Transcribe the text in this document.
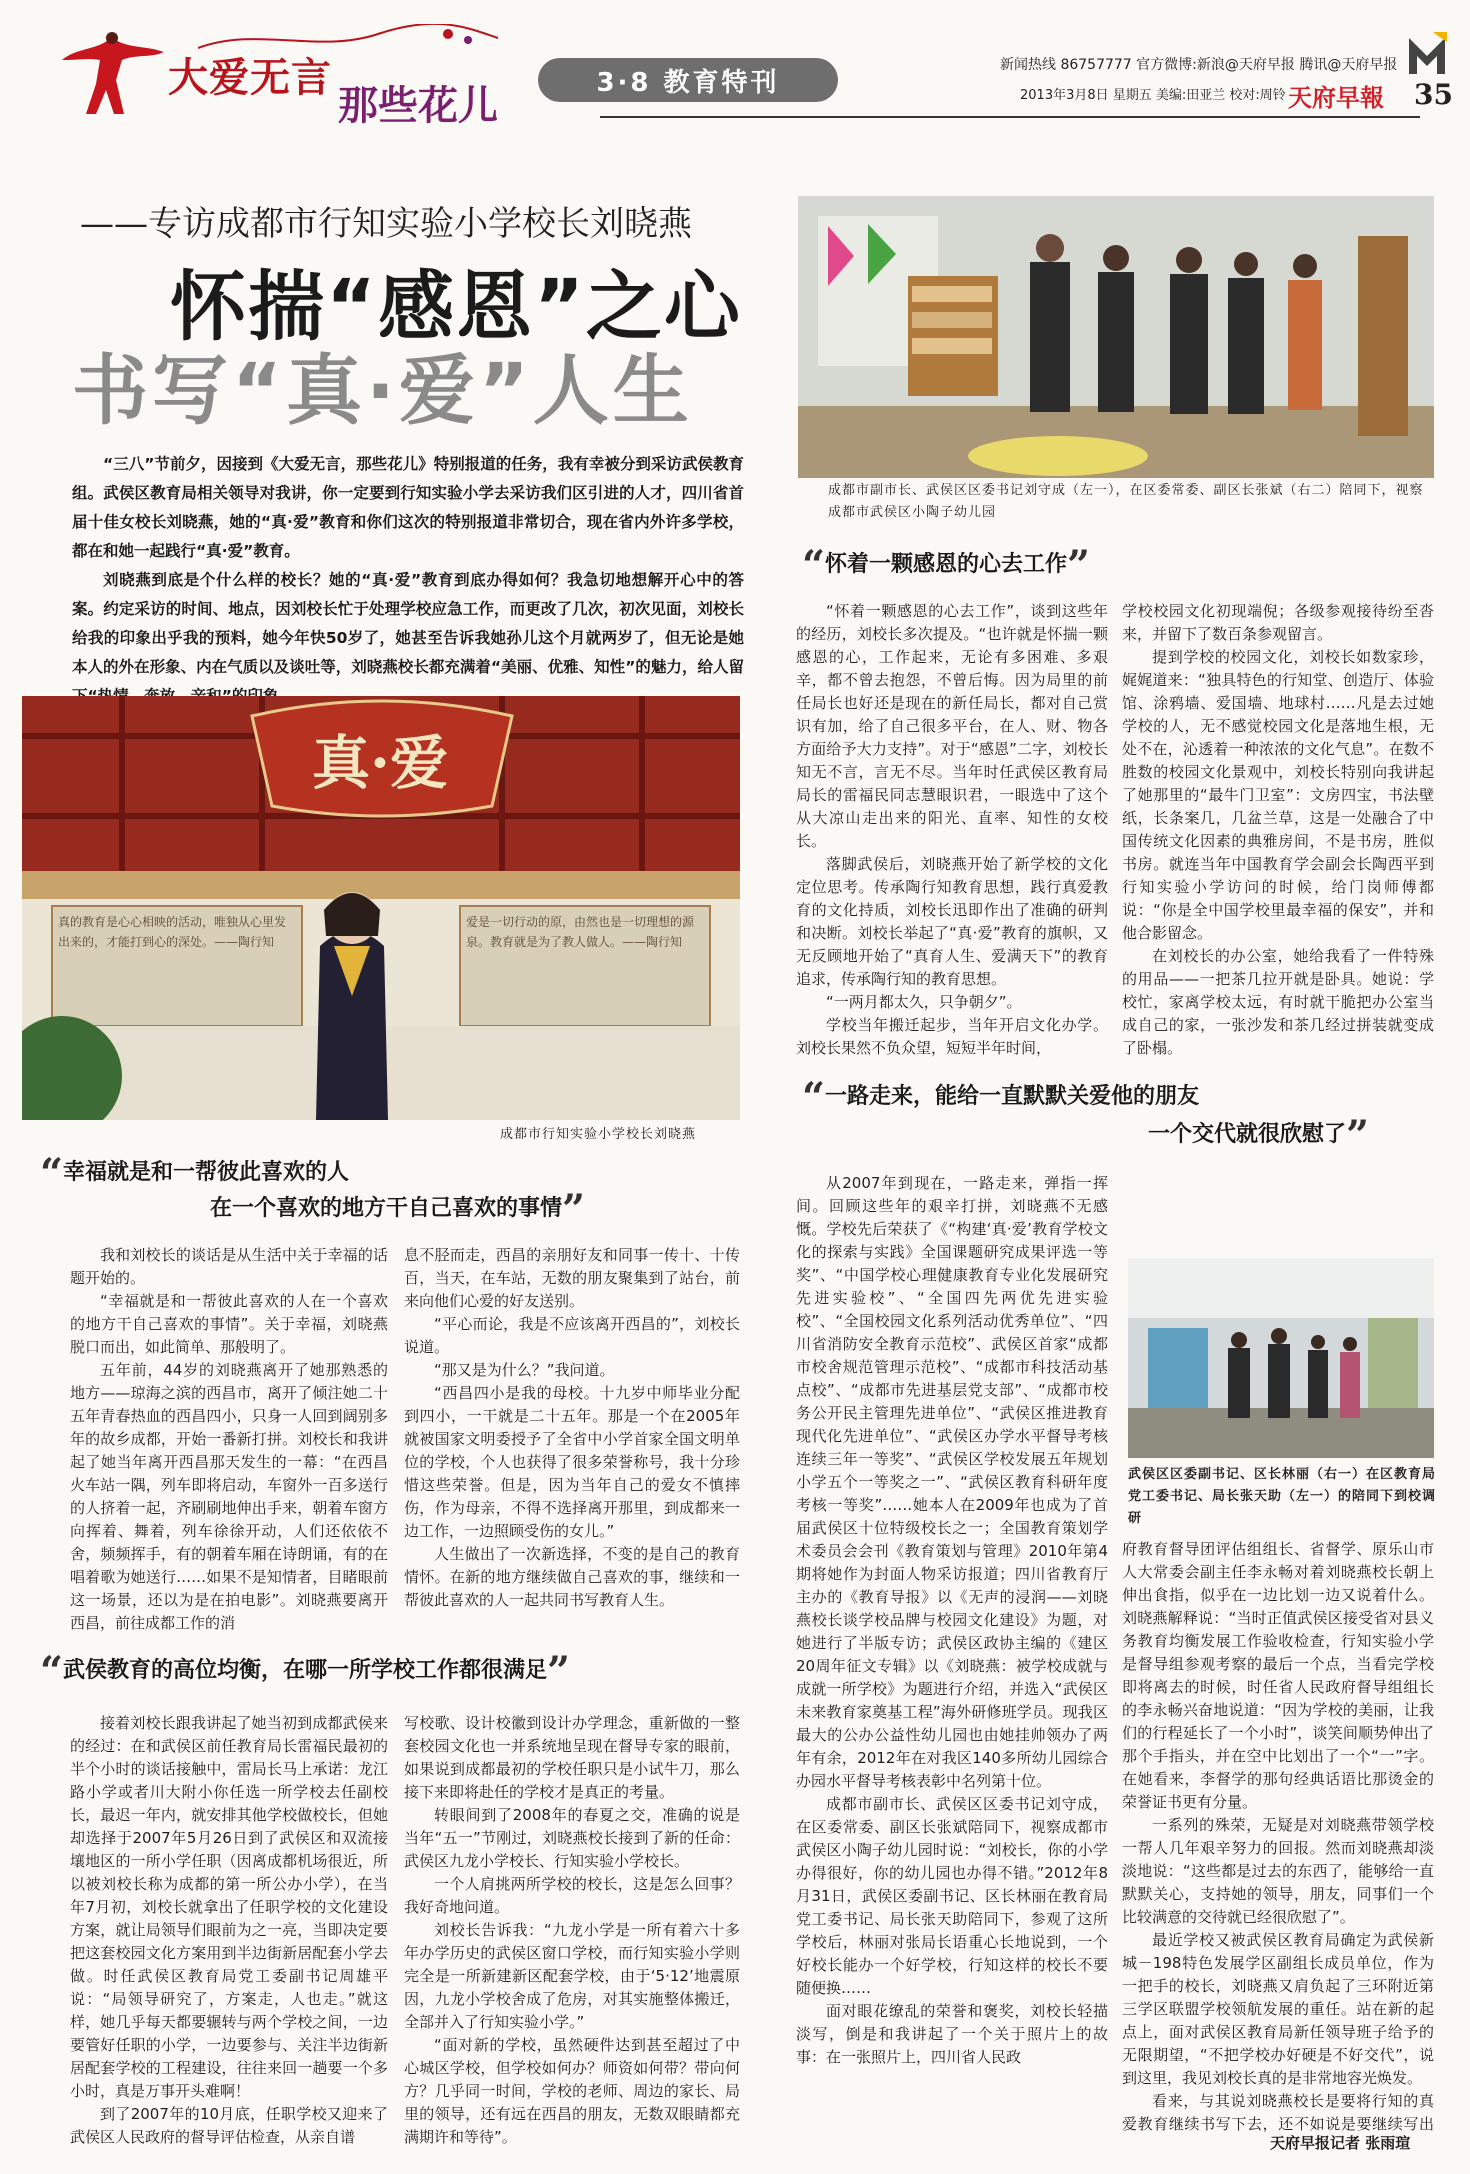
大爱无言
那些花儿	3·8 教育特刊
新闻热线 86757777 官方微博:新浪@天府早报 腾讯@天府早报
2013年3月8日 星期五 美编:田亚兰 校对:周铃 天府早報 35
——专访成都市行知实验小学校长刘晓燕
怀揣“感恩”之心
书写“真·爱”人生

“三八”节前夕，因接到《大爱无言，那些花儿》特别报道的任务，我有幸被分到采访武侯教育组。武侯区教育局相关领导对我讲，你一定要到行知实验小学去采访我们区引进的人才，四川省首届十佳女校长刘晓燕，她的“真·爱”教育和你们这次的特别报道非常切合，现在省内外许多学校，都在和她一起践行“真·爱”教育。

刘晓燕到底是个什么样的校长？她的“真·爱”教育到底办得如何？我急切地想解开心中的答案。约定采访的时间、地点，因刘校长忙于处理学校应急工作，而更改了几次，初次见面，刘校长给我的印象出乎我的预料，她今年快50岁了，她甚至告诉我她孙儿这个月就两岁了，但无论是她本人的外在形象、内在气质以及谈吐等，刘晓燕校长都充满着“美丽、优雅、知性”的魅力，给人留

成都市副市长、武侯区区委书记刘守成（左一），在区委常委、副区长张斌（右二）陪同下，视察成都市武侯区小陶子幼儿园
真·爱
真的教育是心心相映的活动，唯独从心里发出来的，才能打到心的深处。——陶行知
爱是一切行动的原，由然也是一切理想的源泉。教育就是为了教人做人。——陶行知
成都市行知实验小学校长刘晓燕
“怀着一颗感恩的心去工作”

“怀着一颗感恩的心去工作”，谈到这些年的经历，刘校长多次提及。“也许就是怀揣一颗感恩的心，工作起来，无论有多困难、多艰辛，都不曾去抱怨，不曾后悔。因为局里的前任局长也好还是现在的新任局长，都对自己赏识有加，给了自己很多平台，在人、财、物各方面给予大力支持”。对于“感恩”二字，刘校长知无不言，言无不尽。当年时任武侯区教育局局长的雷福民同志慧眼识君，一眼选中了这个从大凉山走出来的阳光、直率、知性的女校长。

落脚武侯后，刘晓燕开始了新学校的文化定位思考。传承陶行知教育思想，践行真爱教育的文化持质，刘校长迅即作出了准确的研判和决断。刘校长举起了“真·爱”教育的旗帜，又无反顾地开始了“真育人生、爱满天下”的教育追求，传承陶行知的教育思想。

“一两月都太久，只争朝夕”。

学校当年搬迁起步，当年开启文化办学。刘校长果然不负众望，短短半年时间，

学校校园文化初现端倪；各级参观接待纷至沓来，并留下了数百条参观留言。

提到学校的校园文化，刘校长如数家珍，娓娓道来：“独具特色的行知堂、创造厅、体验馆、涂鸦墙、爱国墙、地球村……凡是去过她学校的人，无不感觉校园文化是落地生根，无处不在，沁透着一种浓浓的文化气息”。在数不胜数的校园文化景观中，刘校长特别向我讲起了她那里的“最牛门卫室”：文房四宝，书法壁纸，长条案几，几盆兰草，这是一处融合了中国传统文化因素的典雅房间，不是书房，胜似书房。就连当年中国教育学会副会长陶西平到行知实验小学访问的时候，给门岗师傅都说：“你是全中国学校里最幸福的保安”，并和他合影留念。

在刘校长的办公室，她给我看了一件特殊的用品——一把茶几拉开就是卧具。她说：学校忙，家离学校太远，有时就干脆把办公室当成自己的家，一张沙发和茶几经过拼装就变成了卧榻。

“一路走来，能给一直默默关爱他的朋友
一个交代就很欣慰了”

从2007年到现在，一路走来，弹指一挥间。回顾这些年的艰辛打拼，刘晓燕不无感慨。学校先后荣获了《“构建‘真·爱’教育学校文化的探索与实践》全国课题研究成果评选一等奖”、“中国学校心理健康教育专业化发展研究先进实验校”、“全国四先两优先进实验校”、“全国校园文化系列活动优秀单位”、“四川省消防安全教育示范校”、武侯区首家“成都市校舍规范管理示范校”、“成都市科技活动基点校”、“成都市先进基层党支部”、“成都市校务公开民主管理先进单位”、“武侯区推进教育现代化先进单位”、“武侯区办学水平督导考核连续三年一等奖”、“武侯区学校发展五年规划小学五个一等奖之一”、“武侯区教育科研年度考核一等奖”……她本人在2009年也成为了首届武侯区十位特级校长之一；全国教育策划学术委员会会刊《教育策划与管理》2010年第4期将她作为封面人物采访报道；四川省教育厅主办的《教育导报》以《无声的浸润——刘晓燕校长谈学校品牌与校园文化建设》为题，对她进行了半版专访；武侯区政协主编的《建区20周年征文专辑》以《刘晓燕：被学校成就与成就一所学校》为题进行介绍，并选入“武侯区未来教育家奠基工程”海外研修班学员。现我区最大的公办公益性幼儿园也由她挂帅领办了两年有余，2012年在对我区140多所幼儿园综合办园水平督导考核表彰中名列第十位。

成都市副市长、武侯区区委书记刘守成，在区委常委、副区长张斌陪同下，视察成都市武侯区小陶子幼儿园时说：“刘校长，你的小学办得很好，你的幼儿园也办得不错。”2012年8月31日，武侯区委副书记、区长林丽在教育局党工委书记、局长张天助陪同下，参观了这所学校后，林丽对张局长语重心长地说到，一个好校长能办一个好学校，行知这样的校长不要随便换……

面对眼花缭乱的荣誉和褒奖，刘校长轻描淡写，倒是和我讲起了一个关于照片上的故事：在一张照片上，四川省人民政

武侯区区委副书记、区长林丽（右一）在区教育局党工委书记、局长张天助（左一）的陪同下到校调研

府教育督导团评估组组长、省督学、原乐山市人大常委会副主任李永畅对着刘晓燕校长朝上伸出食指，似乎在一边比划一边又说着什么。刘晓燕解释说：“当时正值武侯区接受省对县义务教育均衡发展工作验收检查，行知实验小学是督导组参观考察的最后一个点，当看完学校即将离去的时候，时任省人民政府督导组组长的李永畅兴奋地说道：“因为学校的美丽，让我们的行程延长了一个小时”，谈笑间顺势伸出了那个手指头，并在空中比划出了一个“一”字。在她看来，李督学的那句经典话语比那烫金的荣誉证书更有分量。

一系列的殊荣，无疑是对刘晓燕带领学校一帮人几年艰辛努力的回报。然而刘晓燕却淡淡地说：“这些都是过去的东西了，能够给一直默默关心，支持她的领导，朋友，同事们一个比较满意的交待就已经很欣慰了”。

最近学校又被武侯区教育局确定为武侯新城－198特色发展学区副组长成员单位，作为一把手的校长，刘晓燕又肩负起了三环附近第三学区联盟学校领航发展的重任。站在新的起点上，面对武侯区教育局新任领导班子给予的无限期望，“不把学校办好硬是不好交代”，说到这里，我见刘校长真的是非常地容光焕发。

看来，与其说刘晓燕校长是要将行知的真爱教育继续书写下去，还不如说是要继续写出

天府早报记者 张雨瑄
“幸福就是和一帮彼此喜欢的人
在一个喜欢的地方干自己喜欢的事情”

我和刘校长的谈话是从生活中关于幸福的话题开始的。

“幸福就是和一帮彼此喜欢的人在一个喜欢的地方干自己喜欢的事情”。关于幸福，刘晓燕脱口而出，如此简单、那般明了。

五年前，44岁的刘晓燕离开了她那熟悉的地方——琼海之滨的西昌市，离开了倾注她二十五年青春热血的西昌四小，只身一人回到阔别多年的故乡成都，开始一番新打拼。刘校长和我讲起了她当年离开西昌那天发生的一幕：“在西昌火车站一隅，列车即将启动，车窗外一百多送行的人挤着一起，齐刷刷地伸出手来，朝着车窗方向挥着、舞着，列车徐徐开动，人们还依依不舍，频频挥手，有的朝着车厢在诗朗诵，有的在唱着歌为她送行……如果不是知情者，目睹眼前这一场景，还以为是在拍电影”。刘晓燕要离开西昌，前往成都工作的消

息不胫而走，西昌的亲朋好友和同事一传十、十传百，当天，在车站，无数的朋友聚集到了站台，前来向他们心爱的好友送别。

“平心而论，我是不应该离开西昌的”，刘校长说道。

“那又是为什么？”我问道。

“西昌四小是我的母校。十九岁中师毕业分配到四小，一干就是二十五年。那是一个在2005年就被国家文明委授予了全省中小学首家全国文明单位的学校，个人也获得了很多荣誉称号，我十分珍惜这些荣誉。但是，因为当年自己的爱女不慎摔伤，作为母亲，不得不选择离开那里，到成都来一边工作，一边照顾受伤的女儿。”

人生做出了一次新选择，不变的是自己的教育情怀。在新的地方继续做自己喜欢的事，继续和一帮彼此喜欢的人一起共同书写教育人生。

“武侯教育的高位均衡，在哪一所学校工作都很满足”

接着刘校长跟我讲起了她当初到成都武侯来的经过：在和武侯区前任教育局长雷福民最初的半个小时的谈话接触中，雷局长马上承诺：龙江路小学或者川大附小你任选一所学校去任副校长，最迟一年内，就安排其他学校做校长，但她却选择于2007年5月26日到了武侯区和双流接壤地区的一所小学任职（因离成都机场很近，所以被刘校长称为成都的第一所公办小学），在当年7月初，刘校长就拿出了任职学校的文化建设方案，就让局领导们眼前为之一亮，当即决定要把这套校园文化方案用到半边街新居配套小学去做。时任武侯区教育局党工委副书记周雄平说：“局领导研究了，方案走，人也走。”就这样，她几乎每天都要辗转与两个学校之间，一边要管好任职的小学，一边要参与、关注半边街新居配套学校的工程建设，往往来回一趟要一个多小时，真是万事开头难啊！

到了2007年的10月底，任职学校又迎来了武侯区人民政府的督导评估检查，从亲自谱

写校歌、设计校徽到设计办学理念，重新做的一整套校园文化也一并系统地呈现在督导专家的眼前，如果说到成都最初的学校任职只是小试牛刀，那么接下来即将赴任的学校才是真正的考量。

转眼间到了2008年的春夏之交，准确的说是当年“五一”节刚过，刘晓燕校长接到了新的任命：武侯区九龙小学校长、行知实验小学校长。

一个人肩挑两所学校的校长，这是怎么回事？我好奇地问道。

刘校长告诉我：“九龙小学是一所有着六十多年办学历史的武侯区窗口学校，而行知实验小学则完全是一所新建新区配套学校，由于‘5·12’地震原因，九龙小学校舍成了危房，对其实施整体搬迁，全部并入了行知实验小学。”

“面对新的学校，虽然硬件达到甚至超过了中心城区学校，但学校如何办？师资如何带？带向何方？几乎同一时间，学校的老师、周边的家长、局里的领导，还有远在西昌的朋友，无数双眼睛都充满期许和等待”。
